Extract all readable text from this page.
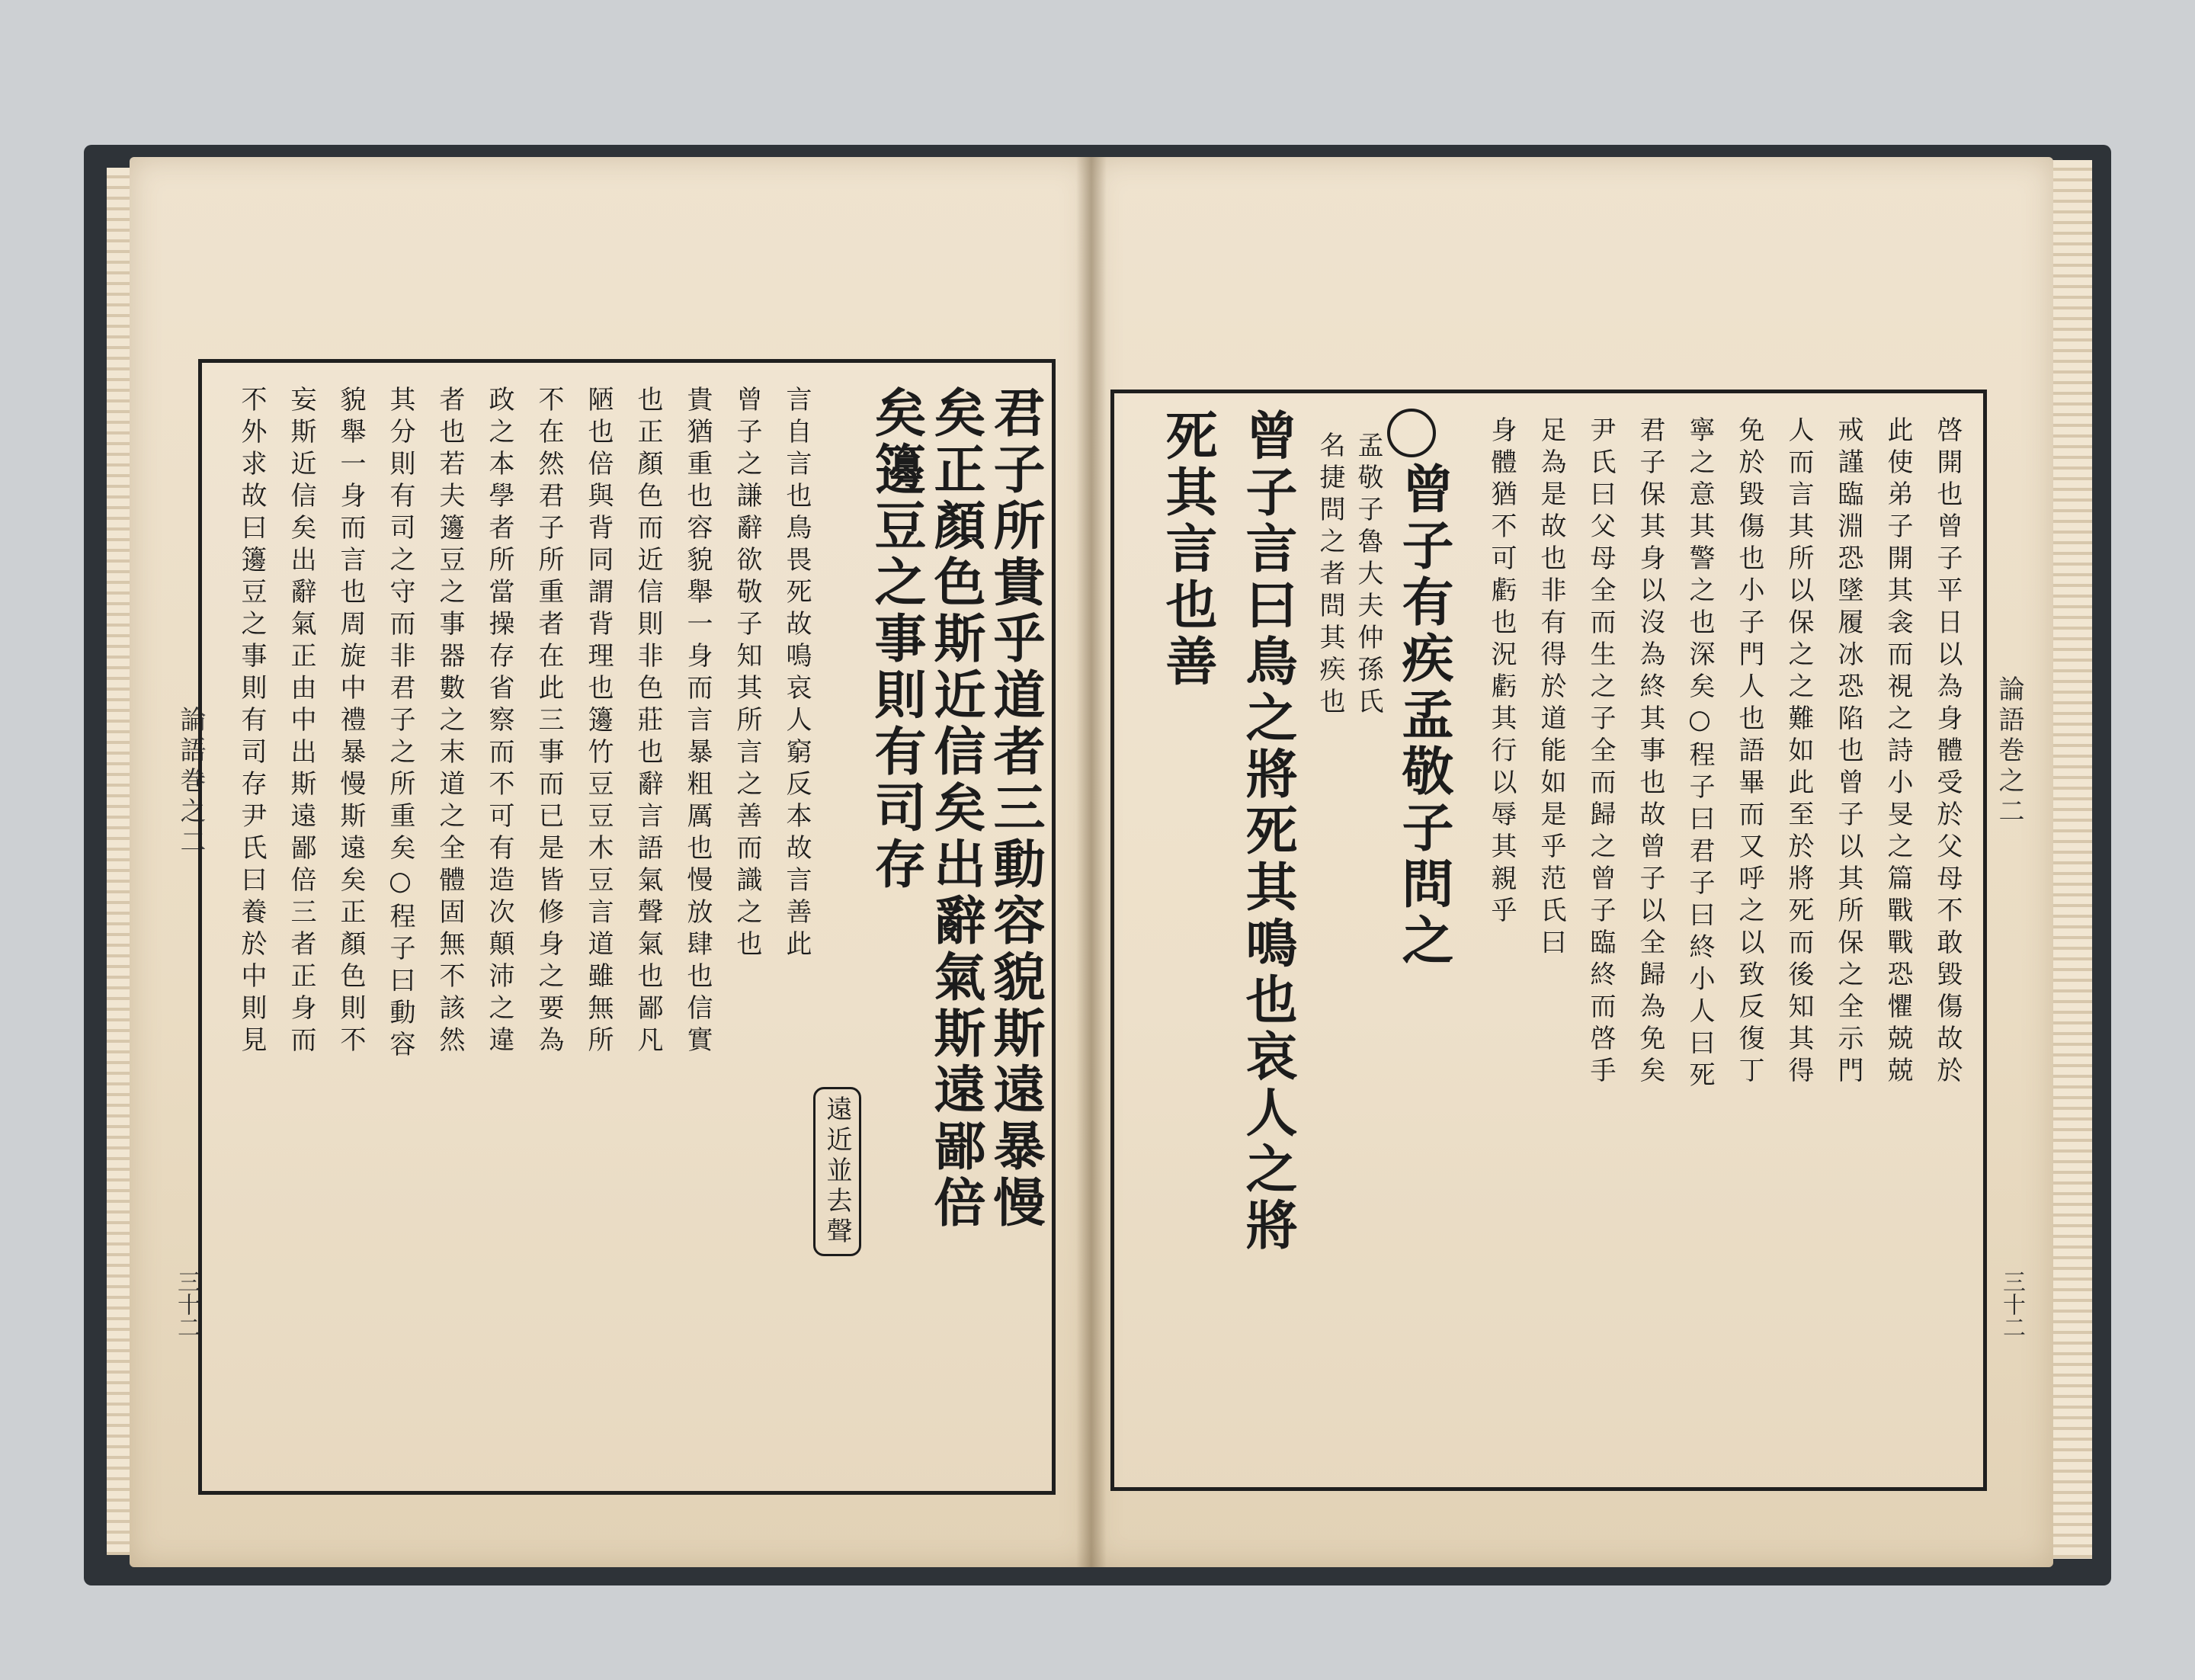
論語巻之二
三十二
君子所貴乎道者三動容貌斯遠暴慢
矣正顏色斯近信矣出辭氣斯遠鄙倍
矣籩豆之事則有司存
遠近並去聲
言自言也鳥畏死故鳴哀人窮反本故言善此
曾子之謙辭欲敬子知其所言之善而識之也
貴猶重也容貌舉一身而言暴粗厲也慢放肆也信實
也正顏色而近信則非色莊也辭言語氣聲氣也鄙凡
陋也倍與背同謂背理也籩竹豆豆木豆言道雖無所
不在然君子所重者在此三事而已是皆修身之要為
政之本學者所當操存省察而不可有造次顛沛之違
者也若夫籩豆之事器數之末道之全體固無不該然
其分則有司之守而非君子之所重矣○程子曰動容
貌舉一身而言也周旋中禮暴慢斯遠矣正顏色則不
妄斯近信矣出辭氣正由中出斯遠鄙倍三者正身而
不外求故曰籩豆之事則有司存尹氏曰養於中則見	論語巻之二
三十二
啓開也曾子平日以為身體受於父母不敢毀傷故於
此使弟子開其衾而視之詩小旻之篇戰戰恐懼兢兢
戒謹臨淵恐墜履冰恐陷也曾子以其所保之全示門
人而言其所以保之之難如此至於將死而後知其得
免於毀傷也小子門人也語畢而又呼之以致反復丁
寧之意其警之也深矣○程子曰君子曰終小人曰死
君子保其身以沒為終其事也故曾子以全歸為免矣
尹氏曰父母全而生之子全而歸之曾子臨終而啓手
足為是故也非有得於道能如是乎范氏曰
身體猶不可虧也況虧其行以辱其親乎
曾子有疾孟敬子問之
孟敬子魯大夫仲孫氏
名捷問之者問其疾也
曾子言曰鳥之將死其鳴也哀人之將
死其言也善
